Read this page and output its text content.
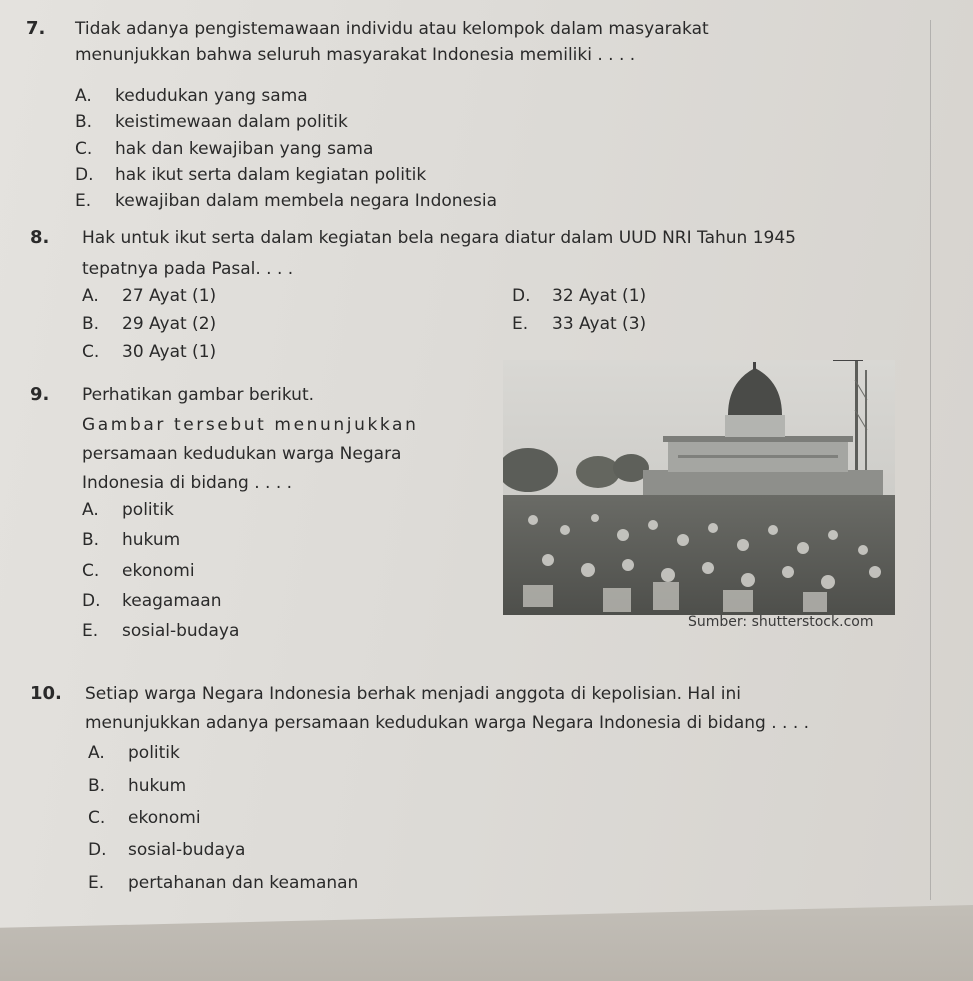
7. Tidak adanya pengistemawaan individu atau kelompok dalam masyarakat
menunjukkan bahwa seluruh masyarakat Indonesia memiliki . . . .
A. kedudukan yang sama
B. keistimewaan dalam politik
C. hak dan kewajiban yang sama
D. hak ikut serta dalam kegiatan politik
E. kewajiban dalam membela negara Indonesia
8. Hak untuk ikut serta dalam kegiatan bela negara diatur dalam UUD NRI Tahun 1945
tepatnya pada Pasal. . . .
A. 27 Ayat (1)
B. 29 Ayat (2)
C. 30 Ayat (1)
D. 32 Ayat (1)
E. 33 Ayat (3)
9. Perhatikan gambar berikut.
Gambar tersebut menunjukkan
persamaan kedudukan warga Negara
Indonesia di bidang . . . .
A. politik
B. hukum
C. ekonomi
D. keagamaan
E. sosial-budaya	Sumber: shutterstock.com
10. Setiap warga Negara Indonesia berhak menjadi anggota di kepolisian. Hal ini
menunjukkan adanya persamaan kedudukan warga Negara Indonesia di bidang . . . .
A. politik
B. hukum
C. ekonomi
D. sosial-budaya
E. pertahanan dan keamanan
